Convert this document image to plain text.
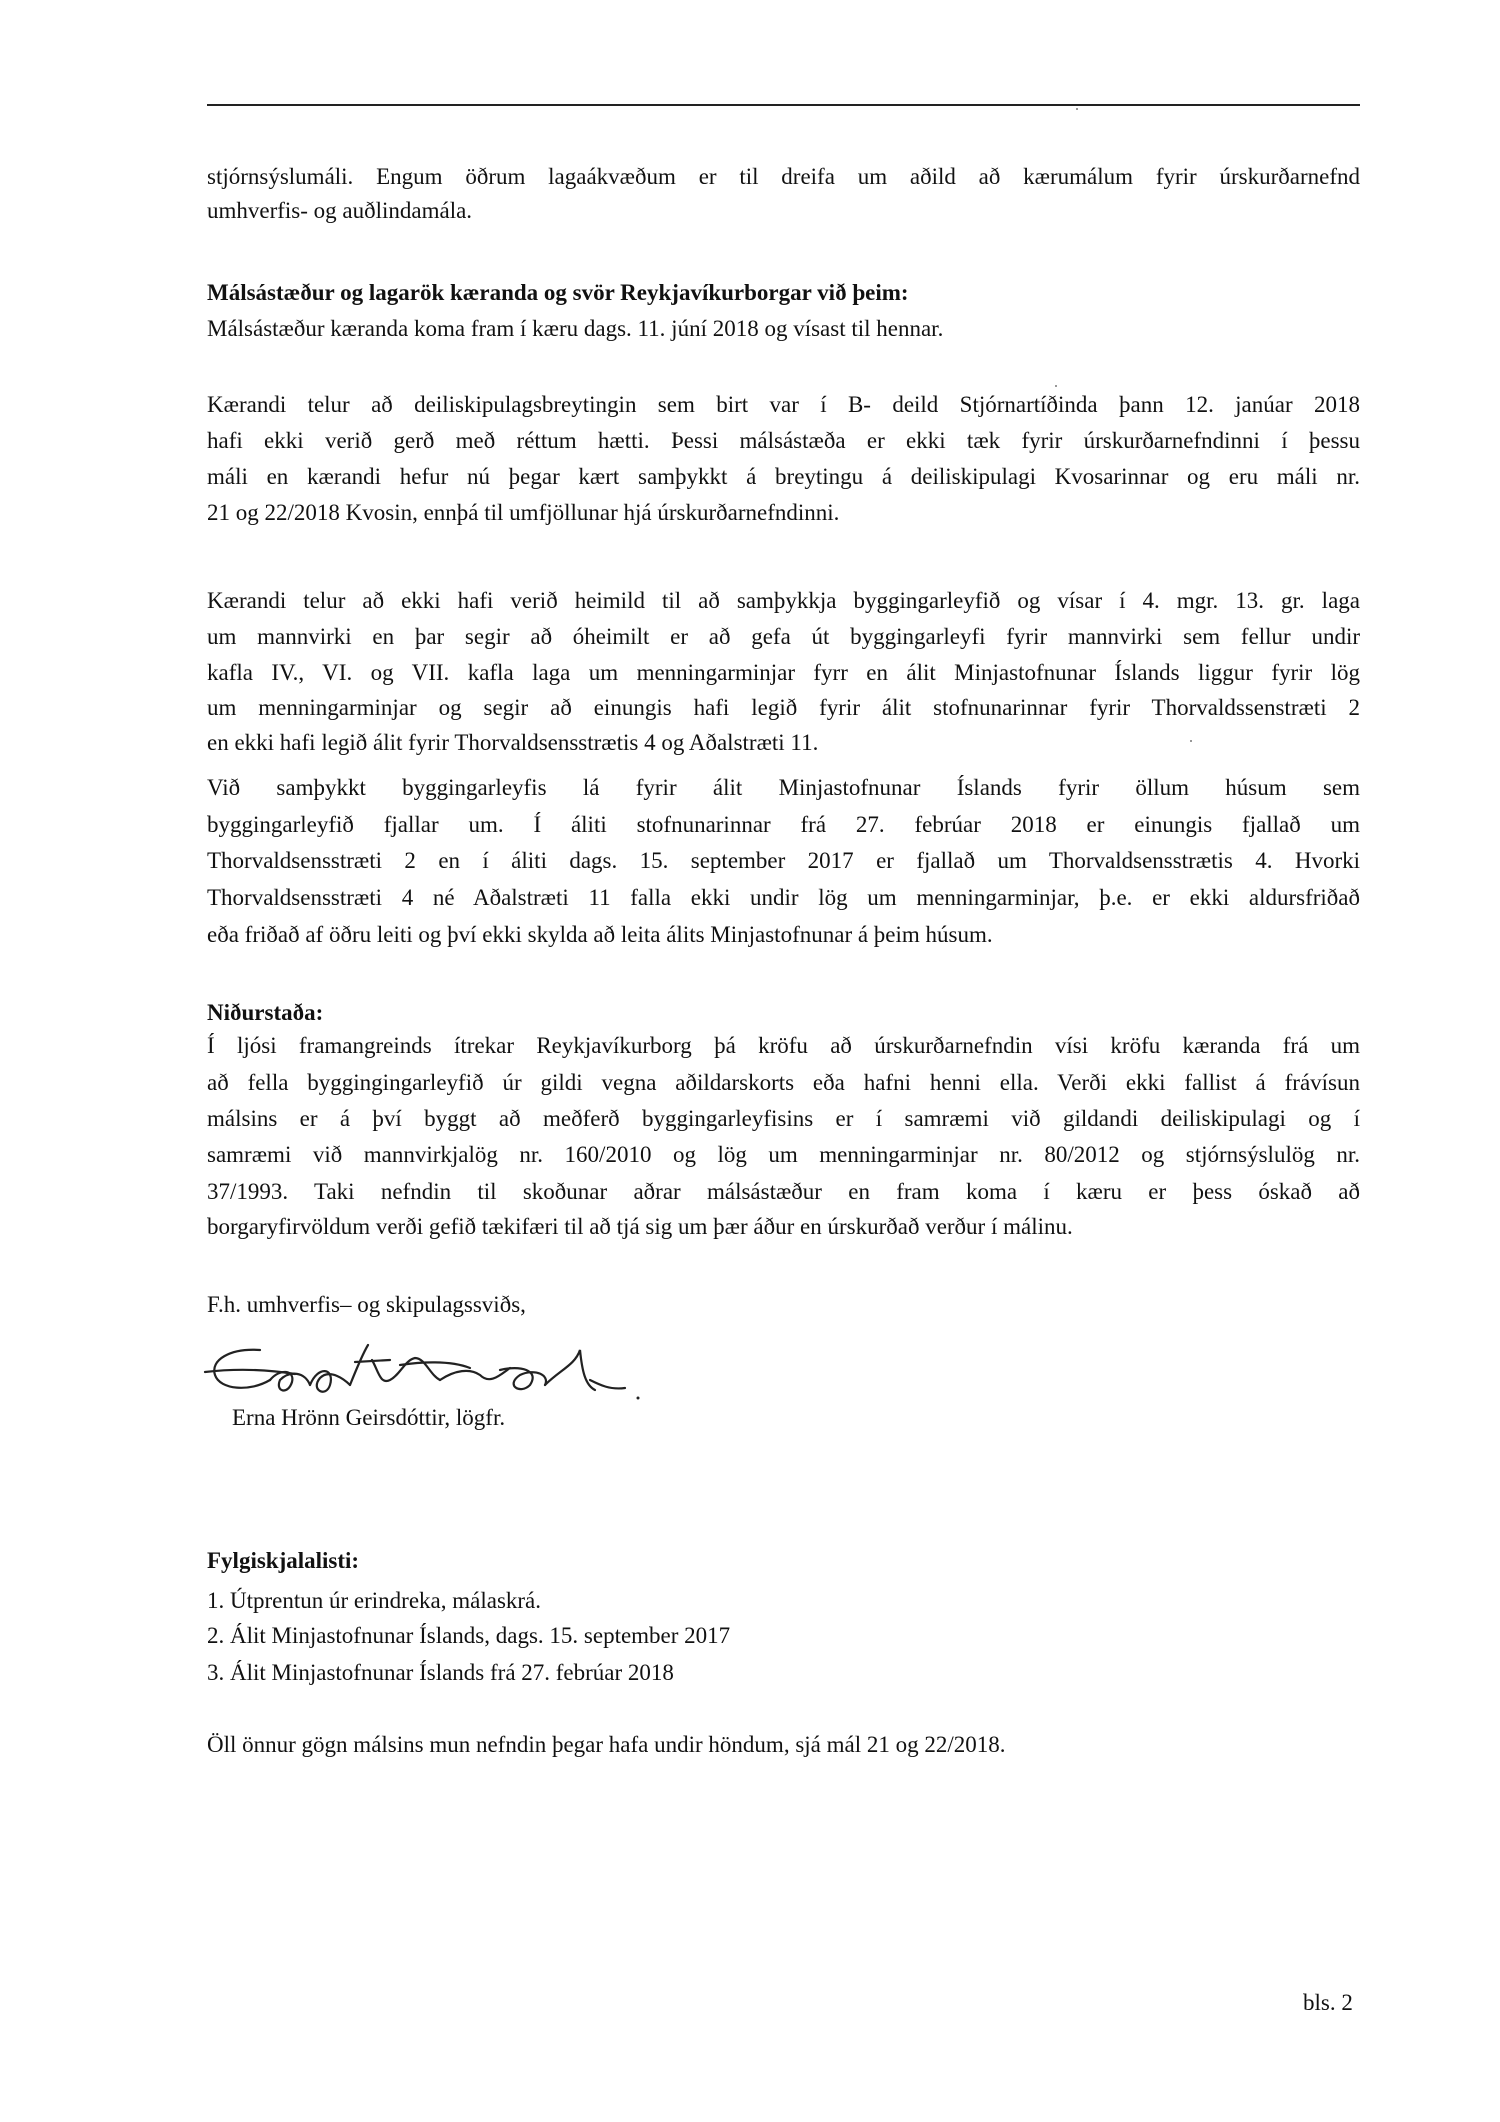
stjórnsýslumáli. Engum öðrum lagaákvæðum er til dreifa um aðild að kærumálum fyrir úrskurðarnefnd
umhverfis- og auðlindamála.
Málsástæður og lagarök kæranda og svör Reykjavíkurborgar við þeim:
Málsástæður kæranda koma fram í kæru dags. 11. júní 2018 og vísast til hennar.
Kærandi telur að deiliskipulagsbreytingin sem birt var í B- deild Stjórnartíðinda þann 12. janúar 2018
hafi ekki verið gerð með réttum hætti. Þessi málsástæða er ekki tæk fyrir úrskurðarnefndinni í þessu
máli en kærandi hefur nú þegar kært samþykkt á breytingu á deiliskipulagi Kvosarinnar og eru máli nr.
21 og 22/2018 Kvosin, ennþá til umfjöllunar hjá úrskurðarnefndinni.
Kærandi telur að ekki hafi verið heimild til að samþykkja byggingarleyfið og vísar í 4. mgr. 13. gr. laga
um mannvirki en þar segir að óheimilt er að gefa út byggingarleyfi fyrir mannvirki sem fellur undir
kafla IV., VI. og VII. kafla laga um menningarminjar fyrr en álit Minjastofnunar Íslands liggur fyrir lög
um menningarminjar og segir að einungis hafi legið fyrir álit stofnunarinnar fyrir Thorvaldssenstræti 2
en ekki hafi legið álit fyrir Thorvaldsensstrætis 4 og Aðalstræti 11.
Við samþykkt byggingarleyfis lá fyrir álit Minjastofnunar Íslands fyrir öllum húsum sem
byggingarleyfið fjallar um. Í áliti stofnunarinnar frá 27. febrúar 2018 er einungis fjallað um
Thorvaldsensstræti 2 en í áliti dags. 15. september 2017 er fjallað um Thorvaldsensstrætis 4. Hvorki
Thorvaldsensstræti 4 né Aðalstræti 11 falla ekki undir lög um menningarminjar, þ.e. er ekki aldursfriðað
eða friðað af öðru leiti og því ekki skylda að leita álits Minjastofnunar á þeim húsum.
Niðurstaða:
Í ljósi framangreinds ítrekar Reykjavíkurborg þá kröfu að úrskurðarnefndin vísi kröfu kæranda frá um
að fella byggingingarleyfið úr gildi vegna aðildarskorts eða hafni henni ella. Verði ekki fallist á frávísun
málsins er á því byggt að meðferð byggingarleyfisins er í samræmi við gildandi deiliskipulagi og í
samræmi við mannvirkjalög nr. 160/2010 og lög um menningarminjar nr. 80/2012 og stjórnsýslulög nr.
37/1993. Taki nefndin til skoðunar aðrar málsástæður en fram koma í kæru er þess óskað að
borgaryfirvöldum verði gefið tækifæri til að tjá sig um þær áður en úrskurðað verður í málinu.
F.h. umhverfis– og skipulagssviðs,
Erna Hrönn Geirsdóttir, lögfr.
Fylgiskjalalisti:
1. Útprentun úr erindreka, málaskrá.
2. Álit Minjastofnunar Íslands, dags. 15. september 2017
3. Álit Minjastofnunar Íslands frá 27. febrúar 2018
Öll önnur gögn málsins mun nefndin þegar hafa undir höndum, sjá mál 21 og 22/2018.
bls. 2
